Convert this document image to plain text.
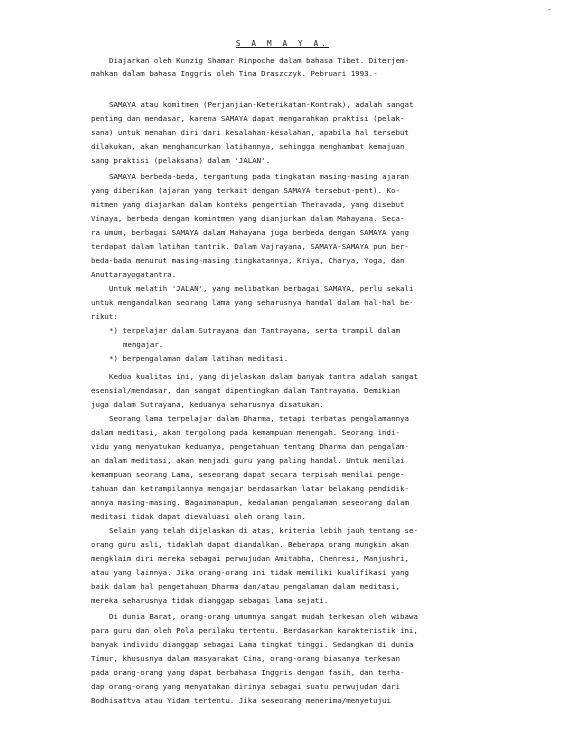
-
S A M A Y A.
Diajarkan oleh Kunzig Shamar Rinpoche dalam bahasa Tibet. Diterjem-
mahkan dalam bahasa Inggris oleh Tina Draszczyk. Pebruari 1993.-
SAMAYA atau komitmen (Perjanjian-Keterikatan-Kontrak), adalah sangat
penting dan mendasar, karena SAMAYA dapat mengarahkan praktisi (pelak-
sana) untuk menahan diri dari kesalahan-kesalahan, apabila hal tersebut
dilakukan, akan menghancurkan latihannya, sehingga menghambat kemajuan
sang praktisi (pelaksana) dalam 'JALAN'.
SAMAYA berbeda-beda, tergantung pada tingkatan masing-masing ajaran
yang diberikan (ajaran yang terkait dengan SAMAYA tersebut-pent). Ko-
mitmen yang diajarkan dalam konteks pengertian Theravada, yang disebut
Vinaya, berbeda dengan komintmen yang dianjurkan dalam Mahayana. Seca-
ra umum, berbagai SAMAYA dalam Mahayana juga berbeda dengan SAMAYA yang
terdapat dalam latihan tantrik. Dalam Vajrayana, SAMAYA-SAMAYA pun ber-
beda-bada menurut masing-masing tingkatannya, Kriya, Charya, Yoga, dan
Anuttarayogatantra.
Untuk melatih 'JALAN', yang melibatkan berbagai SAMAYA, perlu sekali
untuk mengandalkan seorang lama yang seharusnya handal dalam hal-hal be-
rikut:
*) terpelajar dalam Sutrayana dan Tantrayana, serta trampil dalam
mengajar.
*) berpengalaman dalam latihan meditasi.
Kedua kualitas ini, yang dijelaskan dalam banyak tantra adalah sangat
esensial/mendasar, dan sangat dipentingkan dalam Tantrayana. Demikian
juga dalam Sutrayana, keduanya seharusnya disatukan.
Seorang lama terpelajar dalam Dharma, tetapi terbatas pengalamannya
dalam meditasi, akan tergolong pada kemampuan menengah. Seorang indi-
vidu yang menyatukan keduanya, pengetahuan tentang Dharma dan pengalam-
an dalam meditasi, akan menjadi guru yang paling handal. Untuk menilai
kemampuan seorang Lama, seseorang dapat secara terpisah menilai penge-
tahuan dan ketrampilannya mengajar berdasarkan latar belakang pendidik-
annya masing-masing. Bagaimanapun, kedalaman pengalaman seseorang dalam
meditasi tidak dapat dievaluasi oleh orang lain.
Selain yang telah dijelaskan di atas, kriteria lebih jauh tentang se-
orang guru asli, tidaklah dapat diandalkan. Beberapa orang mungkin akan
mengklaim diri mereka sebagai perwujudan Amitabha, Chenresi, Manjushri,
atau yang lainnya. Jika orang-orang ini tidak memiliki kualifikasi yang
baik dalam hal pengetahuan Dharma dan/atau pengalaman dalam meditasi,
mereka seharusnya tidak dianggap sebagai lama sejati.
Di dunia Barat, orang-orang umumnya sangat mudah terkesan oleh wibawa
para guru dan oleh Pola perilaku tertentu. Berdasarkan karakteristik ini,
banyak individu dianggap sebagai Lama tingkat tinggi. Sedangkan di dunia
Timur, khususnya dalam masyarakat Cina, orang-orang biasanya terkesan
pada orang-orang yang dapat berbahasa Inggris dengan fasih, dan terha-
dap orang-orang yang menyatakan dirinya sebagai suatu perwujudan dari
Bodhisattva atau Yidam tertentu. Jika seseorang menerima/menyetujui
